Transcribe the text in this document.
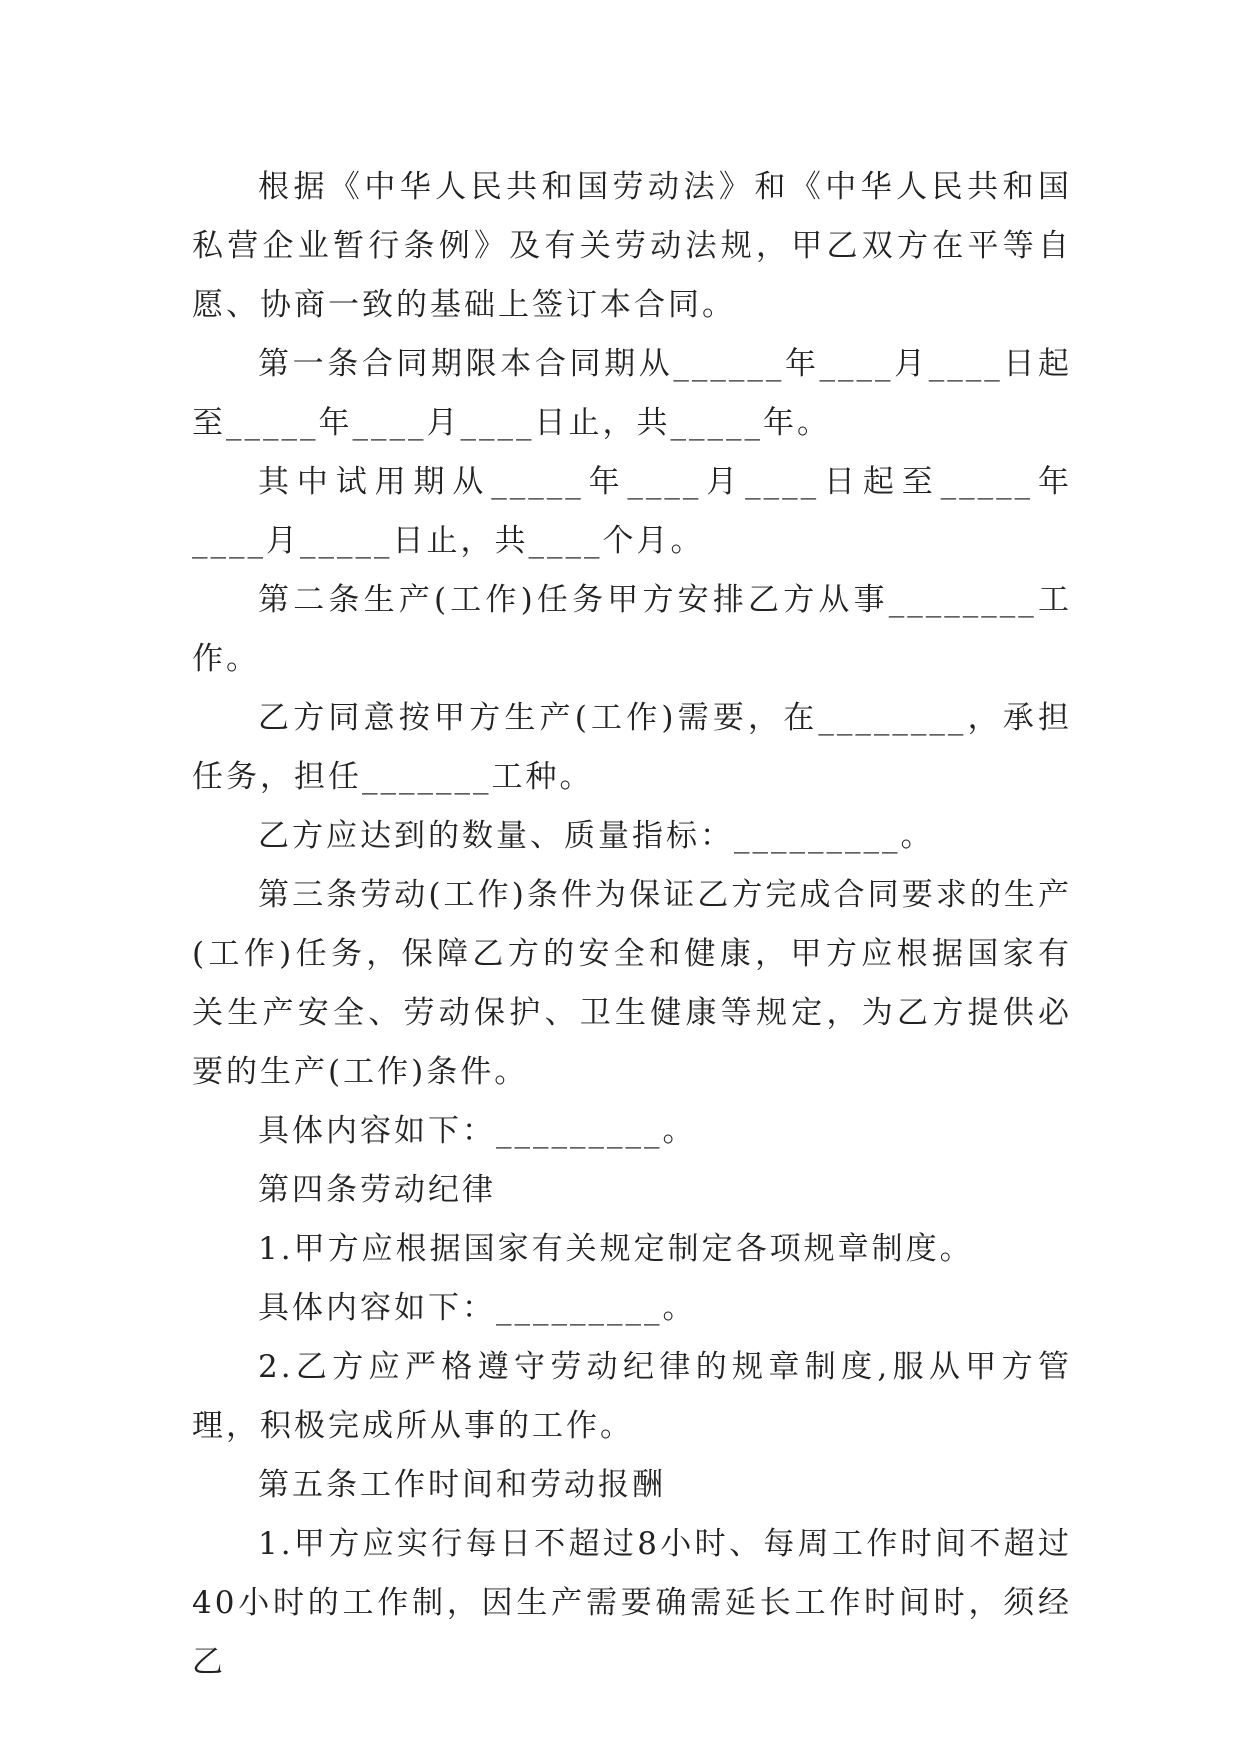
根据《中华人民共和国劳动法》和《中华人民共和国私营企业暂行条例》及有关劳动法规，甲乙双方在平等自愿、协商一致的基础上签订本合同。

第一条合同期限本合同期从______年____月____日起至_____年____月____日止，共_____年。

其中试用期从_____年____月____日起至_____年____月_____日止，共____个月。

第二条生产(工作)任务甲方安排乙方从事________工作。

乙方同意按甲方生产(工作)需要，在________，承担任务，担任_______工种。

乙方应达到的数量、质量指标：_________。

第三条劳动(工作)条件为保证乙方完成合同要求的生产(工作)任务，保障乙方的安全和健康，甲方应根据国家有关生产安全、劳动保护、卫生健康等规定，为乙方提供必要的生产(工作)条件。

具体内容如下：_________。

第四条劳动纪律

1.甲方应根据国家有关规定制定各项规章制度。

具体内容如下：_________。

2.乙方应严格遵守劳动纪律的规章制度,服从甲方管理，积极完成所从事的工作。

第五条工作时间和劳动报酬

1.甲方应实行每日不超过8小时、每周工作时间不超过40小时的工作制，因生产需要确需延长工作时间时，须经乙
